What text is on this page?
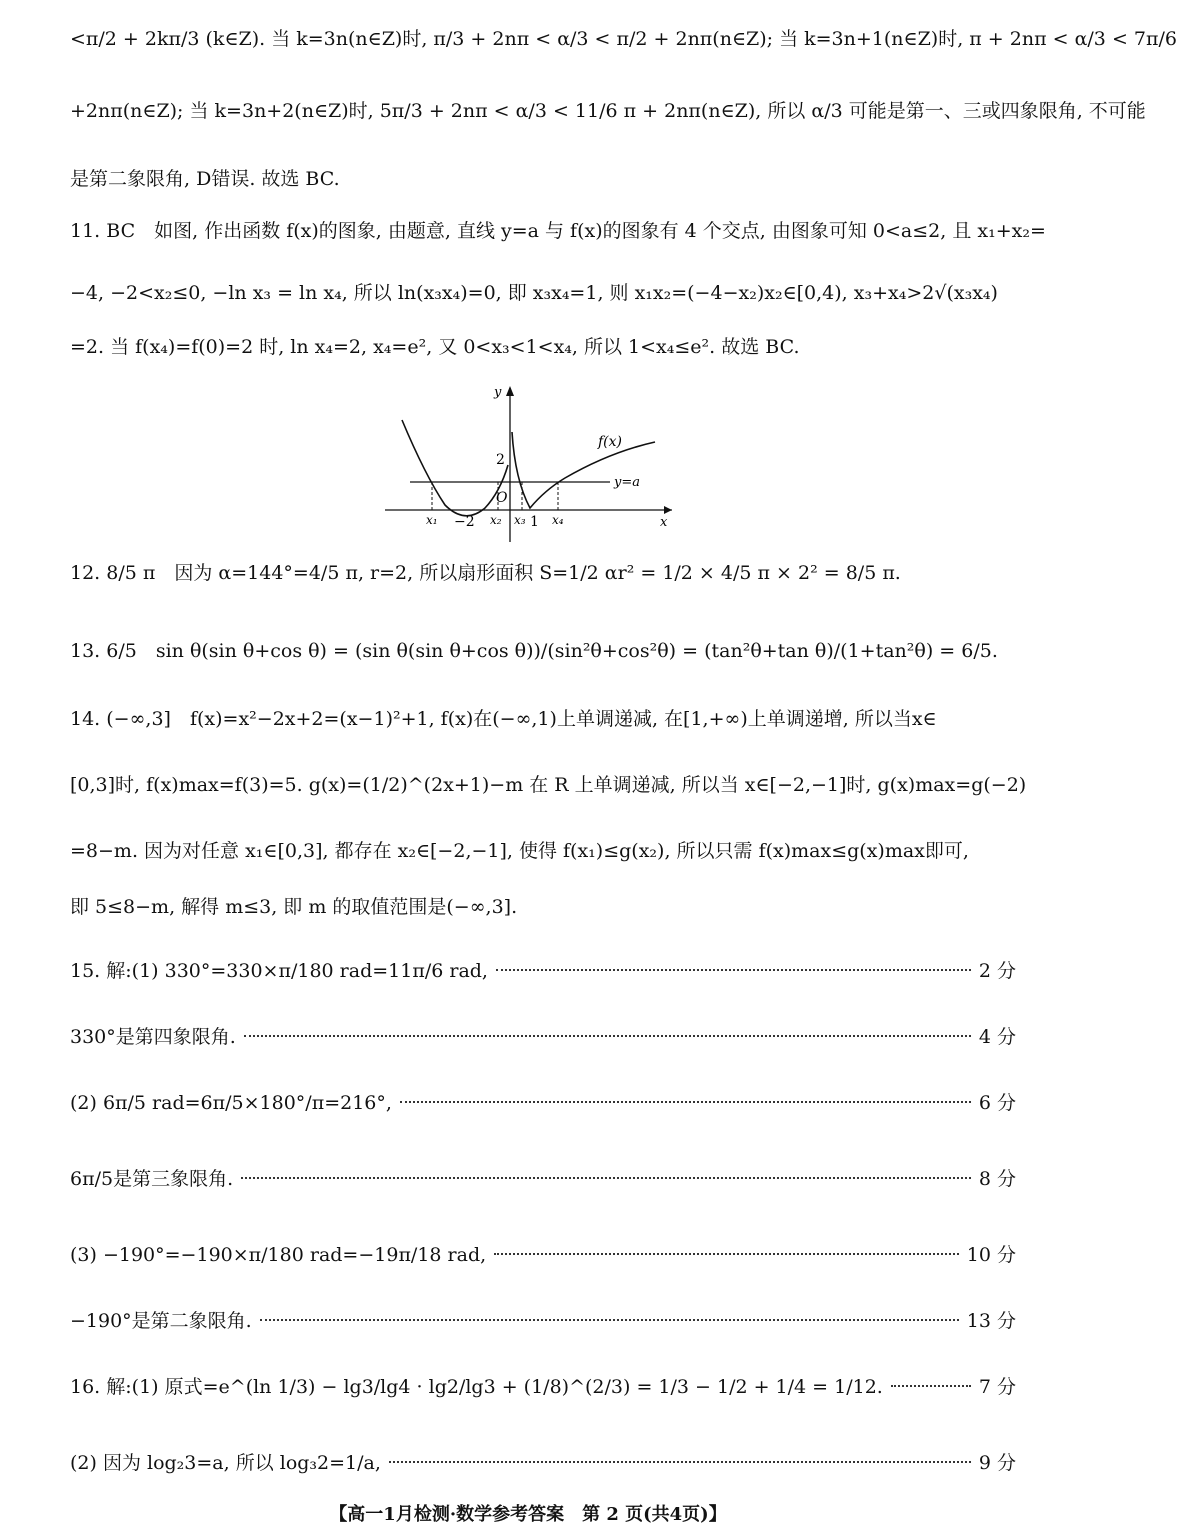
<π/2 + 2kπ/3 (k∈Z). 当 k=3n(n∈Z)时, π/3 + 2nπ < α/3 < π/2 + 2nπ(n∈Z); 当 k=3n+1(n∈Z)时, π + 2nπ < α/3 < 7π/6
+2nπ(n∈Z); 当 k=3n+2(n∈Z)时, 5π/3 + 2nπ < α/3 < 11/6 π + 2nπ(n∈Z), 所以 α/3 可能是第一、三或四象限角, 不可能
是第二象限角, D错误. 故选 BC.
11. BC　如图, 作出函数 f(x)的图象, 由题意, 直线 y=a 与 f(x)的图象有 4 个交点, 由图象可知 0<a≤2, 且 x₁+x₂=
−4, −2<x₂≤0, −ln x₃ = ln x₄, 所以 ln(x₃x₄)=0, 即 x₃x₄=1, 则 x₁x₂=(−4−x₂)x₂∈[0,4), x₃+x₄>2√(x₃x₄)
=2. 当 f(x₄)=f(0)=2 时, ln x₄=2, x₄=e², 又 0<x₃<1<x₄, 所以 1<x₄≤e². 故选 BC.
y
x
f(x)
y=a
O
2
−2	1
x₁	x₂ x₃ x₄
12. 8/5 π　因为 α=144°=4/5 π, r=2, 所以扇形面积 S=1/2 αr² = 1/2 × 4/5 π × 2² = 8/5 π.
13. 6/5　sin θ(sin θ+cos θ) = (sin θ(sin θ+cos θ))/(sin²θ+cos²θ) = (tan²θ+tan θ)/(1+tan²θ) = 6/5.
14. (−∞,3]　f(x)=x²−2x+2=(x−1)²+1, f(x)在(−∞,1)上单调递减, 在[1,+∞)上单调递增, 所以当x∈
[0,3]时, f(x)max=f(3)=5. g(x)=(1/2)^(2x+1)−m 在 R 上单调递减, 所以当 x∈[−2,−1]时, g(x)max=g(−2)
=8−m. 因为对任意 x₁∈[0,3], 都存在 x₂∈[−2,−1], 使得 f(x₁)≤g(x₂), 所以只需 f(x)max≤g(x)max即可,
即 5≤8−m, 解得 m≤3, 即 m 的取值范围是(−∞,3].
15. 解:(1) 330°=330×π/180 rad=11π/6 rad,	2 分
330°是第四象限角.	4 分
(2) 6π/5 rad=6π/5×180°/π=216°,	6 分
6π/5是第三象限角.	8 分
(3) −190°=−190×π/180 rad=−19π/18 rad,	10 分
−190°是第二象限角.	13 分
16. 解:(1) 原式=e^(ln 1/3) − lg3/lg4 · lg2/lg3 + (1/8)^(2/3) = 1/3 − 1/2 + 1/4 = 1/12.	7 分
(2) 因为 log₂3=a, 所以 log₃2=1/a,	9 分
【高一1月检测·数学参考答案　第 2 页(共4页)】
